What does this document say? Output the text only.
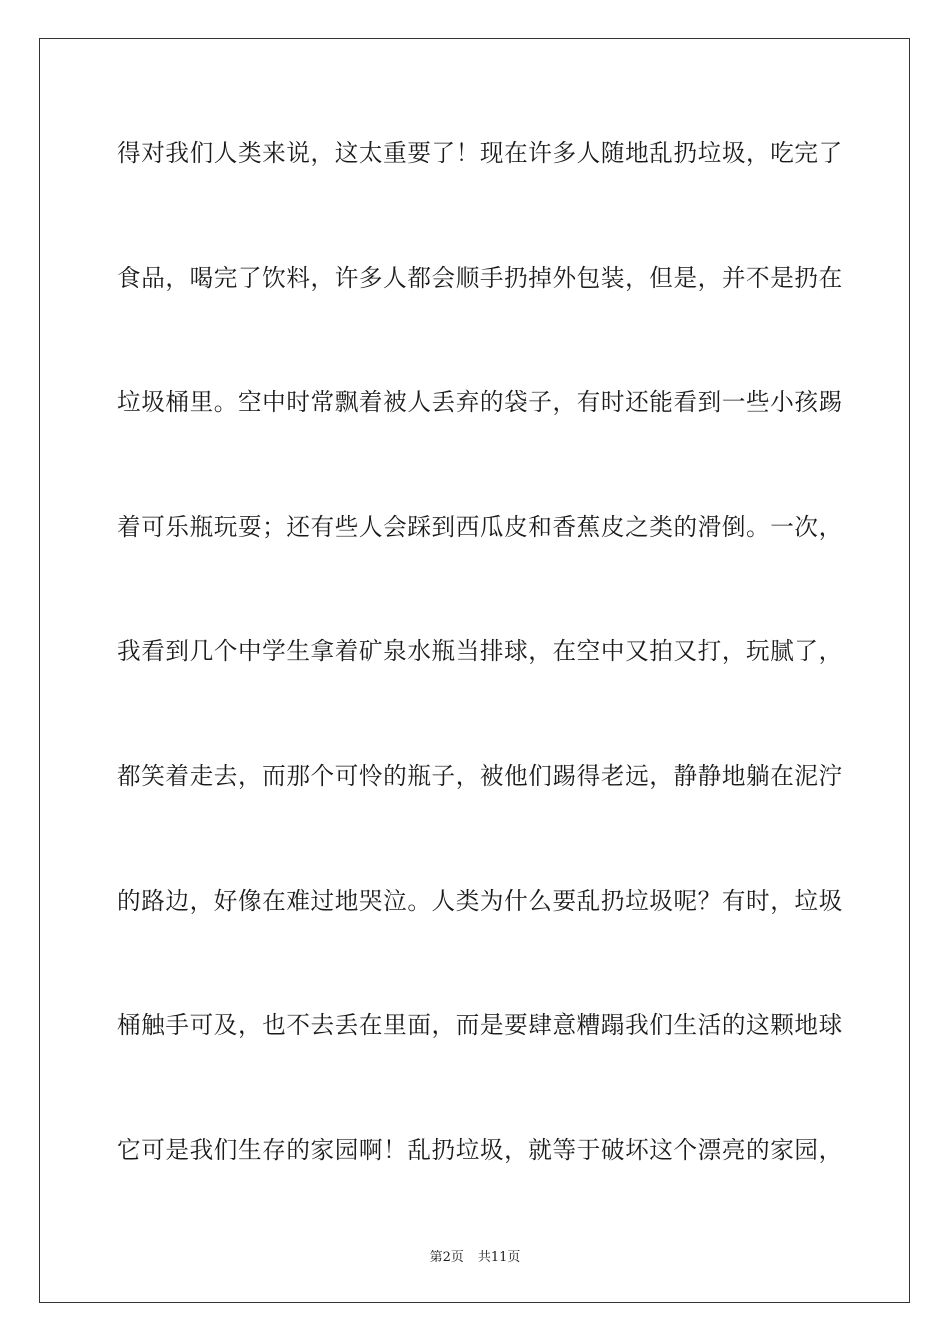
得对我们人类来说，这太重要了！现在许多人随地乱扔垃圾，吃完了
食品，喝完了饮料，许多人都会顺手扔掉外包装，但是，并不是扔在
垃圾桶里。空中时常飘着被人丢弃的袋子，有时还能看到一些小孩踢
着可乐瓶玩耍；还有些人会踩到西瓜皮和香蕉皮之类的滑倒。一次，
我看到几个中学生拿着矿泉水瓶当排球，在空中又拍又打，玩腻了，
都笑着走去，而那个可怜的瓶子，被他们踢得老远，静静地躺在泥泞
的路边，好像在难过地哭泣。人类为什么要乱扔垃圾呢？有时，垃圾
桶触手可及，也不去丢在里面，而是要肆意糟蹋我们生活的这颗地球
它可是我们生存的家园啊！乱扔垃圾，就等于破坏这个漂亮的家园，
第2页 共11页
